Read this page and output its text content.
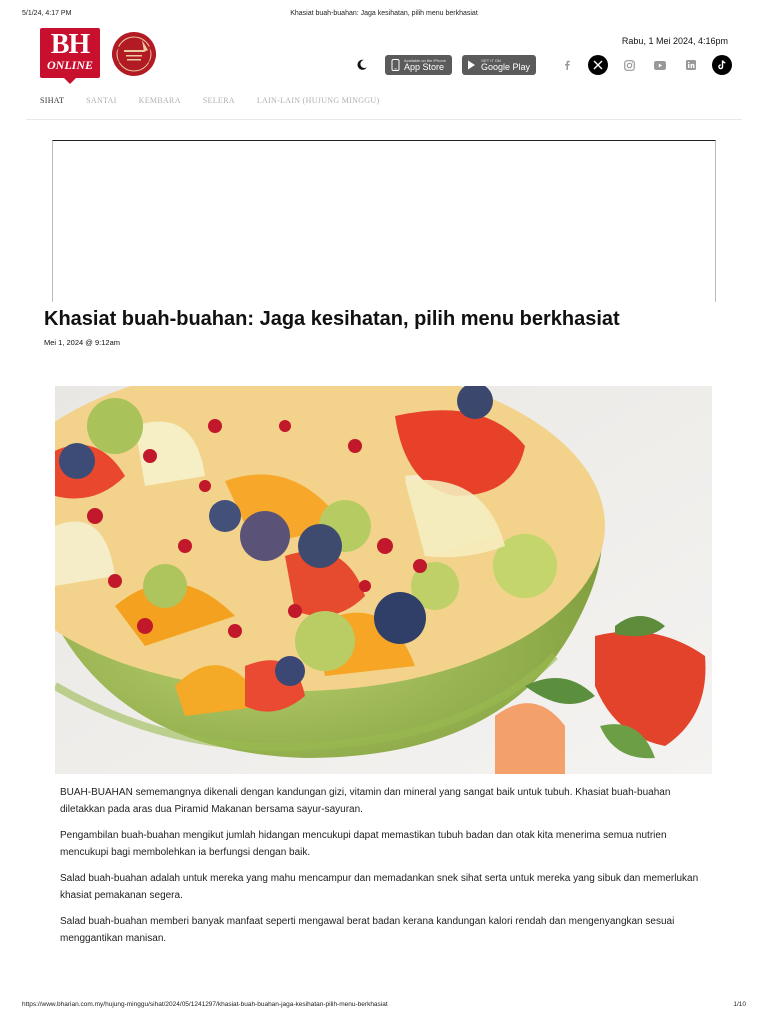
5/1/24, 4:17 PM	Khasiat buah-buahan: Jaga kesihatan, pilih menu berkhasiat
BH
ONLINE
Rabu, 1 Mei 2024, 4:16pm
Available on the iPhone
App Store
GET IT ON
Google Play
SIHAT	SANTAI	KEMBARA	SELERA	LAIN-LAIN (HUJUNG MINGGU)
Khasiat buah-buahan: Jaga kesihatan, pilih menu berkhasiat
Mei 1, 2024 @ 9:12am

BUAH-BUAHAN sememangnya dikenali dengan kandungan gizi, vitamin dan mineral yang sangat baik untuk tubuh. Khasiat buah-buahan diletakkan pada aras dua Piramid Makanan bersama sayur-sayuran.

Pengambilan buah-buahan mengikut jumlah hidangan mencukupi dapat memastikan tubuh badan dan otak kita menerima semua nutrien mencukupi bagi membolehkan ia berfungsi dengan baik.

Salad buah-buahan adalah untuk mereka yang mahu mencampur dan memadankan snek sihat serta untuk mereka yang sibuk dan memerlukan khasiat pemakanan segera.

Salad buah-buahan memberi banyak manfaat seperti mengawal berat badan kerana kandungan kalori rendah dan mengenyangkan sesuai menggantikan manisan.

https://www.bharian.com.my/hujung-minggu/sihat/2024/05/1241297/khasiat-buah-buahan-jaga-kesihatan-pilih-menu-berkhasiat	1/10
